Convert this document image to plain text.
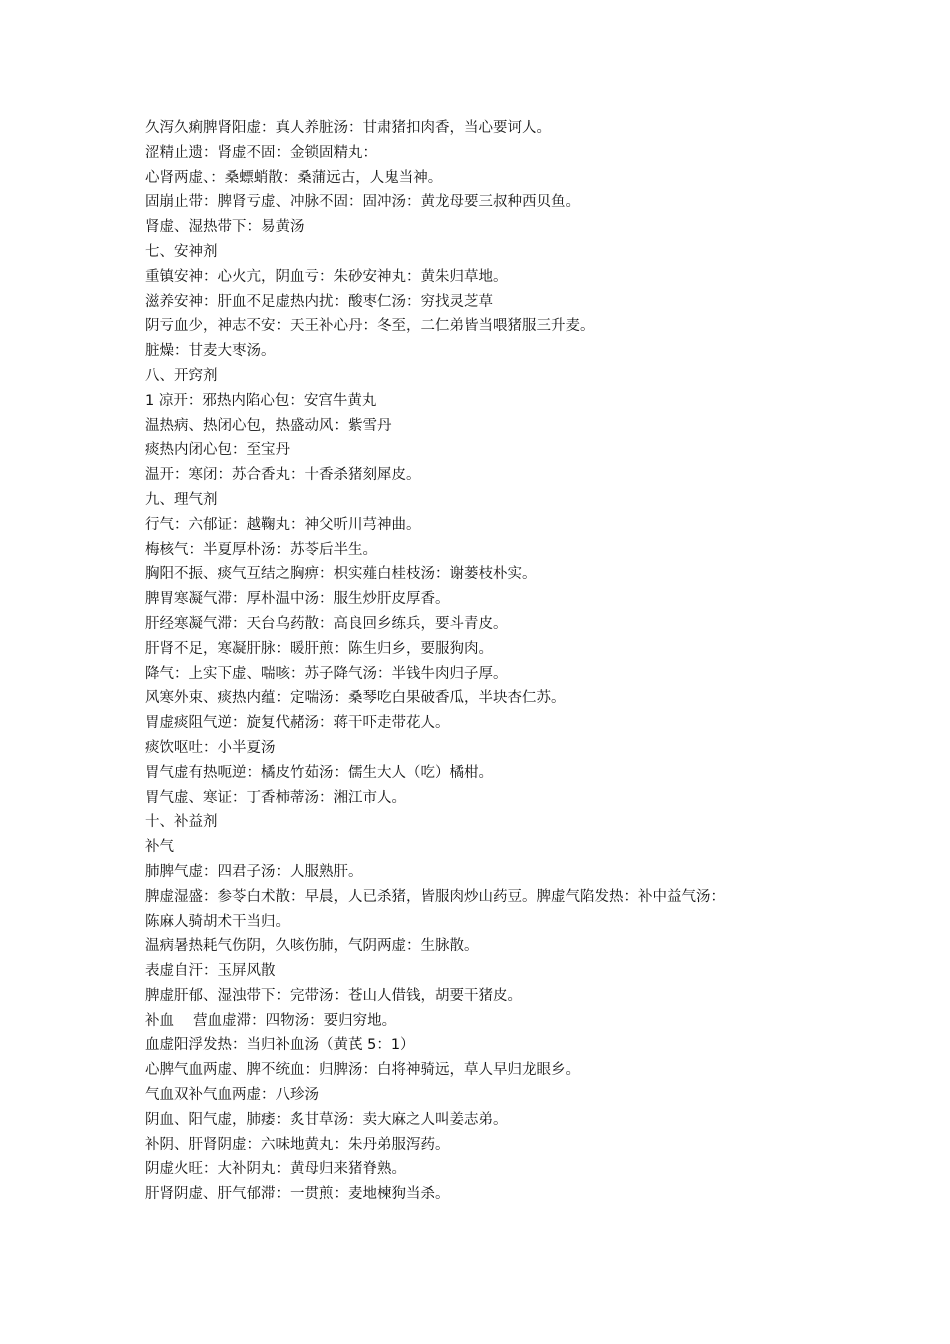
久泻久痢脾肾阳虚：真人养脏汤：甘肃猪扣肉香，当心要诃人。
涩精止遗：肾虚不固：金锁固精丸：
心肾两虚、：桑螵蛸散：桑蒲远古，人鬼当神。
固崩止带：脾肾亏虚、冲脉不固：固冲汤：黄龙母要三叔种西贝鱼。
肾虚、湿热带下：易黄汤
七、安神剂
重镇安神：心火亢，阴血亏：朱砂安神丸：黄朱归草地。
滋养安神：肝血不足虚热内扰：酸枣仁汤：穷找灵芝草
阴亏血少，神志不安：天王补心丹：冬至，二仁弟皆当喂猪服三升麦。
脏燥：甘麦大枣汤。
八、开窍剂
1 凉开：邪热内陷心包：安宫牛黄丸
温热病、热闭心包，热盛动风：紫雪丹
痰热内闭心包：至宝丹
温开：寒闭：苏合香丸：十香杀猪刻犀皮。
九、理气剂
行气：六郁证：越鞠丸：神父听川芎神曲。
梅核气：半夏厚朴汤：苏苓后半生。
胸阳不振、痰气互结之胸痹：枳实薤白桂枝汤：谢蒌枝朴实。
脾胃寒凝气滞：厚朴温中汤：服生炒肝皮厚香。
肝经寒凝气滞：天台乌药散：高良回乡练兵，要斗青皮。
肝肾不足，寒凝肝脉：暖肝煎：陈生归乡，要服狗肉。
降气：上实下虚、喘咳：苏子降气汤：半钱牛肉归子厚。
风寒外束、痰热内蕴：定喘汤：桑琴吃白果破香瓜，半块杏仁苏。
胃虚痰阻气逆：旋复代赭汤：蒋干吓走带花人。
痰饮呕吐：小半夏汤
胃气虚有热呃逆：橘皮竹茹汤：儒生大人（吃）橘柑。
胃气虚、寒证：丁香柿蒂汤：湘江市人。
十、补益剂
补气
肺脾气虚：四君子汤：人服熟肝。
脾虚湿盛：参苓白术散：早晨，人已杀猪，皆服肉炒山药豆。脾虚气陷发热：补中益气汤：
陈麻人骑胡术干当归。
温病暑热耗气伤阴，久咳伤肺，气阴两虚：生脉散。
表虚自汗：玉屏风散
脾虚肝郁、湿浊带下：完带汤：苍山人借钱，胡要干猪皮。
补血　 营血虚滞：四物汤：要归穷地。
血虚阳浮发热：当归补血汤（黄芪 5：1）
心脾气血两虚、脾不统血：归脾汤：白将神骑远，草人早归龙眼乡。
气血双补气血两虚：八珍汤
阴血、阳气虚，肺痿：炙甘草汤：卖大麻之人叫姜志弟。
补阴、肝肾阴虚：六味地黄丸：朱丹弟服泻药。
阴虚火旺：大补阴丸：黄母归来猪脊熟。
肝肾阴虚、肝气郁滞：一贯煎：麦地楝狗当杀。
